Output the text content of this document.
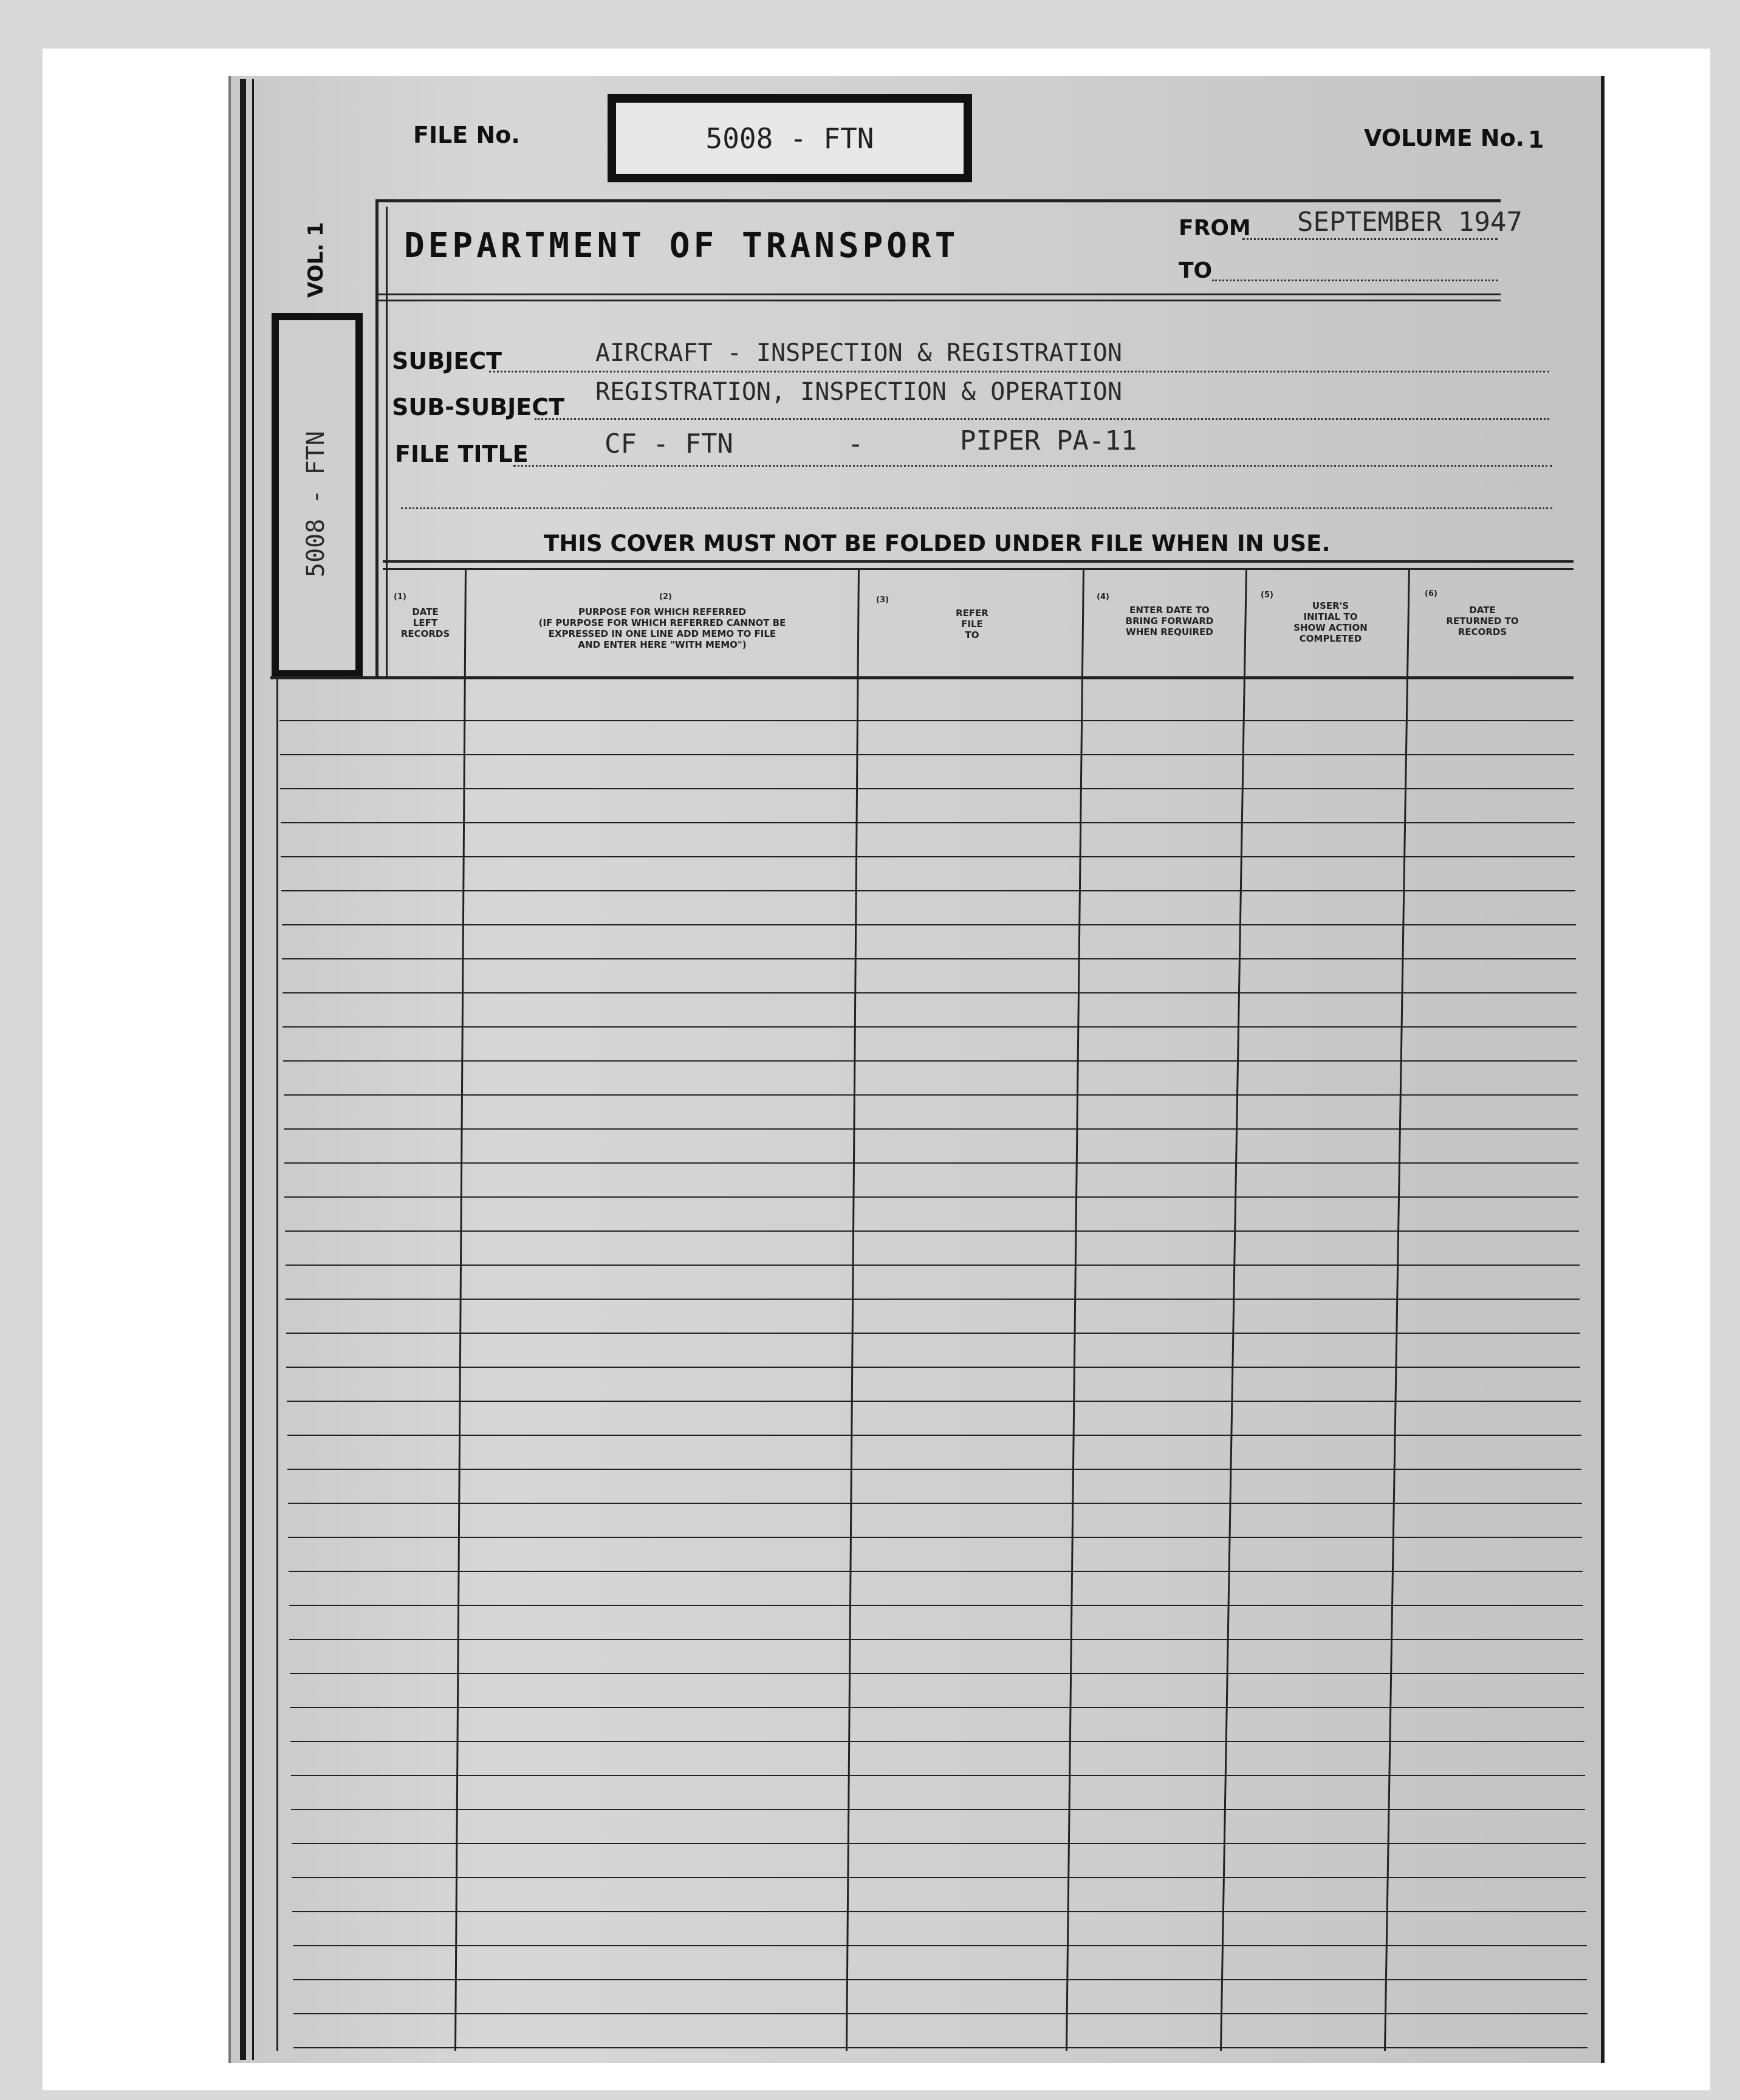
FILE No.	5008 - FTN	VOLUME No. 1
VOL. 1
5008 - FTN
DEPARTMENT OF TRANSPORT	FROM SEPTEMBER 1947
TO
SUBJECT	AIRCRAFT - INSPECTION & REGISTRATION
SUB-SUBJECT
REGISTRATION, INSPECTION & OPERATION
FILE TITLE	CF - FTN	-	PIPER PA-11
THIS COVER MUST NOT BE FOLDED UNDER FILE WHEN IN USE.
(1)
DATE
LEFT
RECORDS
(2)
PURPOSE FOR WHICH REFERRED
(IF PURPOSE FOR WHICH REFERRED CANNOT BE
EXPRESSED IN ONE LINE ADD MEMO TO FILE
AND ENTER HERE "WITH MEMO")
(3)
REFER
FILE
TO
(4)
ENTER DATE TO
BRING FORWARD
WHEN REQUIRED
(5)
USER'S
INITIAL TO
SHOW ACTION
COMPLETED
(6)
DATE
RETURNED TO
RECORDS
